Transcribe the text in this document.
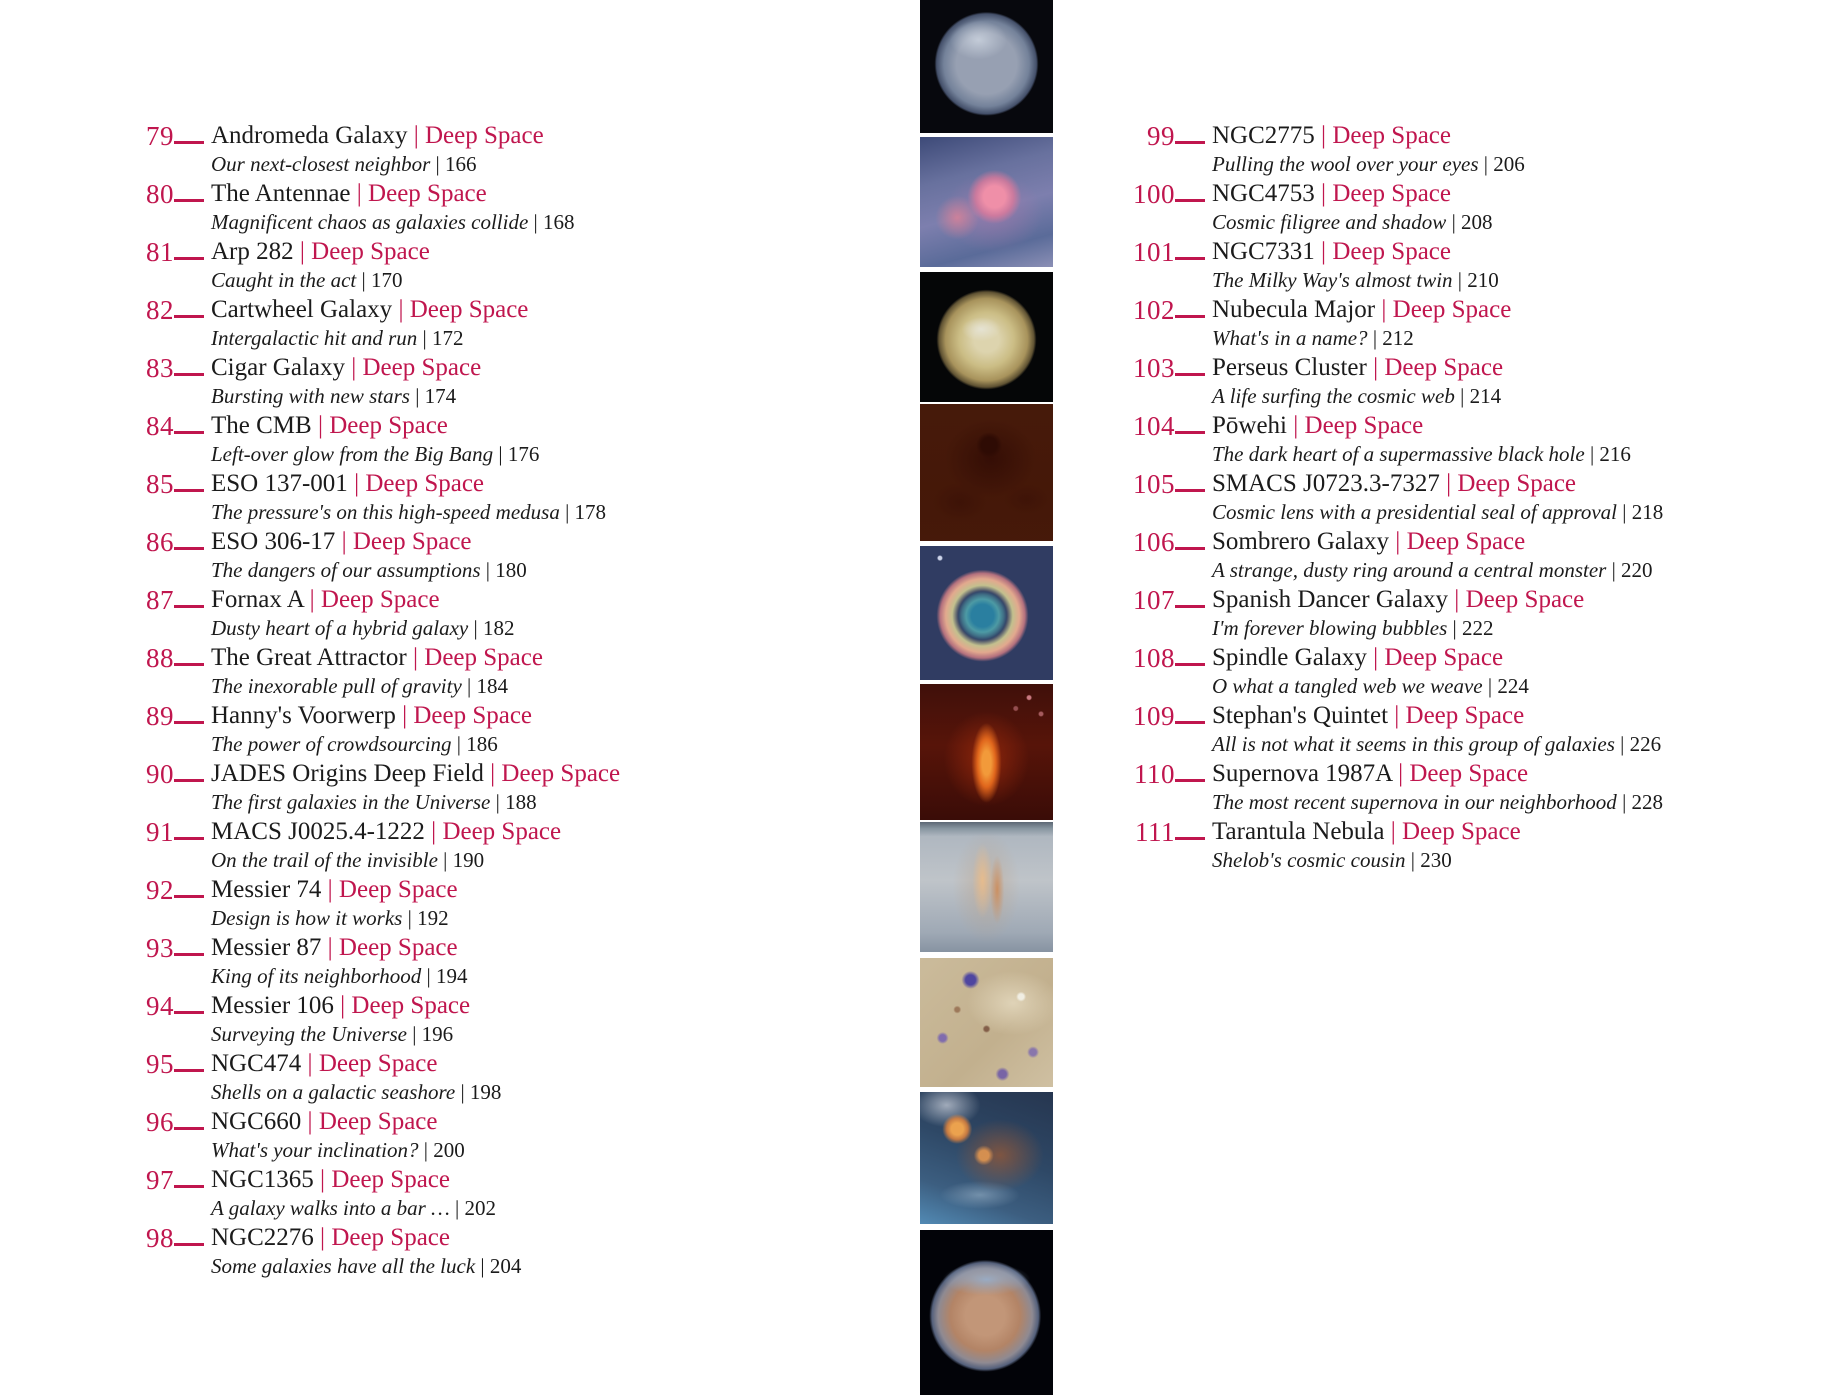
79 Andromeda Galaxy | Deep Space
Our next-closest neighbor | 166
80 The Antennae | Deep Space
Magnificent chaos as galaxies collide | 168
81 Arp 282 | Deep Space
Caught in the act | 170
82 Cartwheel Galaxy | Deep Space
Intergalactic hit and run | 172
83 Cigar Galaxy | Deep Space
Bursting with new stars | 174
84 The CMB | Deep Space
Left-over glow from the Big Bang | 176
85 ESO 137-001 | Deep Space
The pressure's on this high-speed medusa | 178
86 ESO 306-17 | Deep Space
The dangers of our assumptions | 180
87 Fornax A | Deep Space
Dusty heart of a hybrid galaxy | 182
88 The Great Attractor | Deep Space
The inexorable pull of gravity | 184
89 Hanny's Voorwerp | Deep Space
The power of crowdsourcing | 186
90 JADES Origins Deep Field | Deep Space
The first galaxies in the Universe | 188
91 MACS J0025.4-1222 | Deep Space
On the trail of the invisible | 190
92 Messier 74 | Deep Space
Design is how it works | 192
93 Messier 87 | Deep Space
King of its neighborhood | 194
94 Messier 106 | Deep Space
Surveying the Universe | 196
95 NGC474 | Deep Space
Shells on a galactic seashore | 198
96 NGC660 | Deep Space
What's your inclination? | 200
97 NGC1365 | Deep Space
A galaxy walks into a bar … | 202
98 NGC2276 | Deep Space
Some galaxies have all the luck | 204
99 NGC2775 | Deep Space
Pulling the wool over your eyes | 206
100 NGC4753 | Deep Space
Cosmic filigree and shadow | 208
101 NGC7331 | Deep Space
The Milky Way's almost twin | 210
102 Nubecula Major | Deep Space
What's in a name? | 212
103 Perseus Cluster | Deep Space
A life surfing the cosmic web | 214
104 Pōwehi | Deep Space
The dark heart of a supermassive black hole | 216
105 SMACS J0723.3-7327 | Deep Space
Cosmic lens with a presidential seal of approval | 218
106 Sombrero Galaxy | Deep Space
A strange, dusty ring around a central monster | 220
107 Spanish Dancer Galaxy | Deep Space
I'm forever blowing bubbles | 222
108 Spindle Galaxy | Deep Space
O what a tangled web we weave | 224
109 Stephan's Quintet | Deep Space
All is not what it seems in this group of galaxies | 226
110 Supernova 1987A | Deep Space
The most recent supernova in our neighborhood | 228
111 Tarantula Nebula | Deep Space
Shelob's cosmic cousin | 230
